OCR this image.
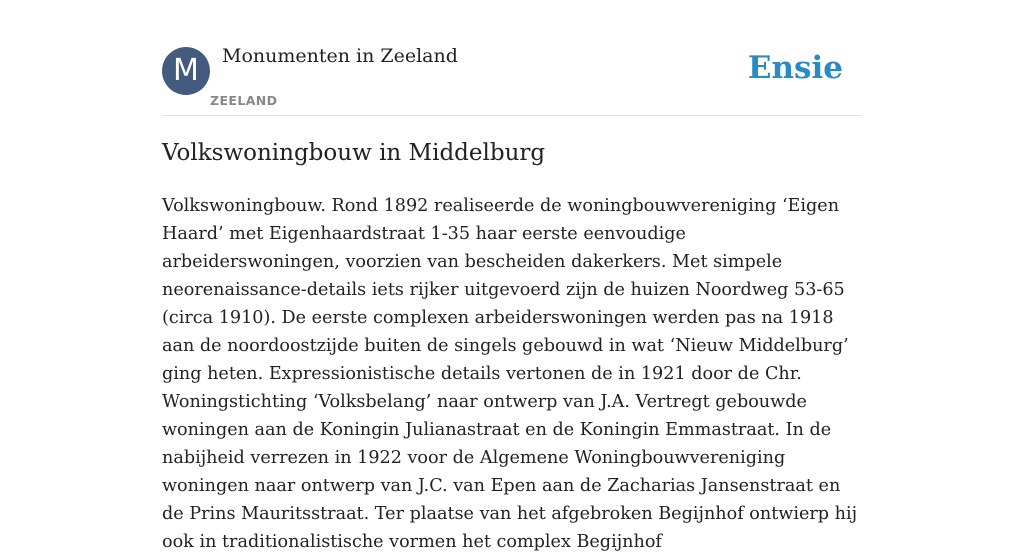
M	Monumenten in Zeeland
ZEELAND
Ensie
Volkswoningbouw in Middelburg

Volkswoningbouw. Rond 1892 realiseerde de woningbouwvereniging ‘Eigen Haard’ met Eigenhaardstraat 1-35 haar eerste eenvoudige arbeiderswoningen, voorzien van bescheiden dakerkers. Met simpele neorenaissance-details iets rijker uitgevoerd zijn de huizen Noordweg 53-65 (circa 1910). De eerste complexen arbeiderswoningen werden pas na 1918 aan de noordoostzijde buiten de singels gebouwd in wat ‘Nieuw Middelburg’ ging heten. Expressionistische details vertonen de in 1921 door de Chr. Woningstichting ‘Volksbelang’ naar ontwerp van J.A. Vertregt gebouwde woningen aan de Koningin Julianastraat en de Koningin Emmastraat. In de nabijheid verrezen in 1922 voor de Algemene Woningbouwvereniging woningen naar ontwerp van J.C. van Epen aan de Zacharias Jansenstraat en de Prins Mauritsstraat. Ter plaatse van het afgebroken Begijnhof ontwierp hij ook in traditionalistische vormen het complex Begijnhof
